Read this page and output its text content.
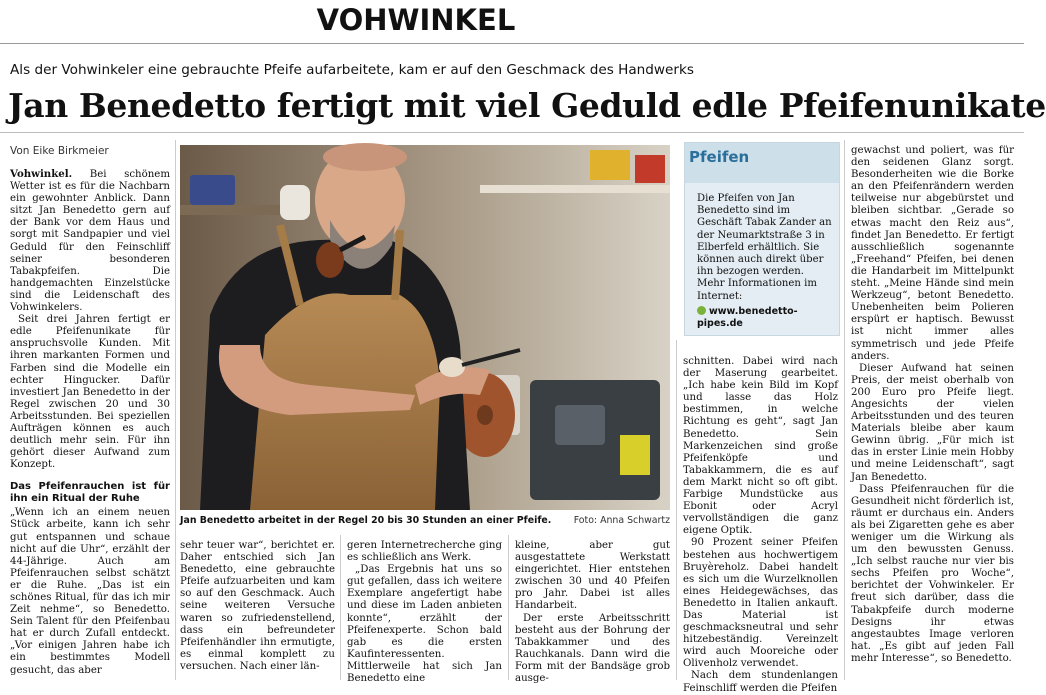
VOHWINKEL
Als der Vohwinkeler eine gebrauchte Pfeife aufarbeitete, kam er auf den Geschmack des Handwerks
Jan Benedetto fertigt mit viel Geduld edle Pfeifenunikate
Von Eike Birkmeier

Vohwinkel. Bei schönem Wetter ist es für die Nachbarn ein gewohnter Anblick. Dann sitzt Jan Benedetto gern auf der Bank vor dem Haus und sorgt mit Sandpapier und viel Geduld für den Feinschliff seiner besonderen Tabakpfeifen. Die handgemachten Einzelstücke sind die Leidenschaft des Vohwinkelers.

Seit drei Jahren fertigt er edle Pfeifenunikate für anspruchsvolle Kunden. Mit ihren markanten Formen und Farben sind die Modelle ein echter Hingucker. Dafür investiert Jan Benedetto in der Regel zwischen 20 und 30 Arbeitsstunden. Bei speziellen Aufträgen können es auch deutlich mehr sein. Für ihn gehört dieser Aufwand zum Konzept.

Das Pfeifenrauchen ist für ihn ein Ritual der Ruhe

„Wenn ich an einem neuen Stück arbeite, kann ich sehr gut entspannen und schaue nicht auf die Uhr“, erzählt der 44-Jährige. Auch am Pfeifenrauchen selbst schätzt er die Ruhe. „Das ist ein schönes Ritual, für das ich mir Zeit nehme“, so Benedetto. Sein Talent für den Pfeifenbau hat er durch Zufall entdeckt. „Vor einigen Jahren habe ich ein bestimmtes Modell gesucht, das aber

Jan Benedetto arbeitet in der Regel 20 bis 30 Stunden an einer Pfeife. Foto: Anna Schwartz
Pfeifen
Die Pfeifen von Jan Benedetto sind im Geschäft Tabak Zander an der Neumarktstraße 3 in Elberfeld erhältlich. Sie können auch direkt über ihn bezogen werden. Mehr Informationen im Internet:
www.benedetto-pipes.de

sehr teuer war“, berichtet er. Daher entschied sich Jan Benedetto, eine gebrauchte Pfeife aufzuarbeiten und kam so auf den Geschmack. Auch seine weiteren Versuche waren so zufriedenstellend, dass ein befreundeter Pfeifenhändler ihn ermutigte, es einmal komplett zu versuchen. Nach einer län-

geren Internetrecherche ging es schließlich ans Werk.

„Das Ergebnis hat uns so gut gefallen, dass ich weitere Exemplare angefertigt habe und diese im Laden anbieten konnte“, erzählt der Pfeifenexperte. Schon bald gab es die ersten Kaufinteressenten. Mittlerweile hat sich Jan Benedetto eine

kleine, aber gut ausgestattete Werkstatt eingerichtet. Hier entstehen zwischen 30 und 40 Pfeifen pro Jahr. Dabei ist alles Handarbeit.

Der erste Arbeitsschritt besteht aus der Bohrung der Tabakkammer und des Rauchkanals. Dann wird die Form mit der Bandsäge grob ausge-

schnitten. Dabei wird nach der Maserung gearbeitet. „Ich habe kein Bild im Kopf und lasse das Holz bestimmen, in welche Richtung es geht“, sagt Jan Benedetto. Sein Markenzeichen sind große Pfeifenköpfe und Tabakkammern, die es auf dem Markt nicht so oft gibt. Farbige Mundstücke aus Ebonit oder Acryl vervollständigen die ganz eigene Optik.

90 Prozent seiner Pfeifen bestehen aus hochwertigem Bruyèreholz. Dabei handelt es sich um die Wurzelknollen eines Heidegewächses, das Benedetto in Italien ankauft. Das Material ist geschmacksneutral und sehr hitzebeständig. Vereinzelt wird auch Mooreiche oder Olivenholz verwendet.

Nach dem stundenlangen Feinschliff werden die Pfeifen

gewachst und poliert, was für den seidenen Glanz sorgt. Besonderheiten wie die Borke an den Pfeifenrändern werden teilweise nur abgebürstet und bleiben sichtbar. „Gerade so etwas macht den Reiz aus“, findet Jan Benedetto. Er fertigt ausschließlich sogenannte „Freehand“ Pfeifen, bei denen die Handarbeit im Mittelpunkt steht. „Meine Hände sind mein Werkzeug“, betont Benedetto. Unebenheiten beim Polieren erspürt er haptisch. Bewusst ist nicht immer alles symmetrisch und jede Pfeife anders.

Dieser Aufwand hat seinen Preis, der meist oberhalb von 200 Euro pro Pfeife liegt. Angesichts der vielen Arbeitsstunden und des teuren Materials bleibe aber kaum Gewinn übrig. „Für mich ist das in erster Linie mein Hobby und meine Leidenschaft“, sagt Jan Benedetto.

Dass Pfeifenrauchen für die Gesundheit nicht förderlich ist, räumt er durchaus ein. Anders als bei Zigaretten gehe es aber weniger um die Wirkung als um den bewussten Genuss. „Ich selbst rauche nur vier bis sechs Pfeifen pro Woche“, berichtet der Vohwinkeler. Er freut sich darüber, dass die Tabakpfeife durch moderne Designs ihr etwas angestaubtes Image verloren hat. „Es gibt auf jeden Fall mehr Interesse“, so Benedetto.
